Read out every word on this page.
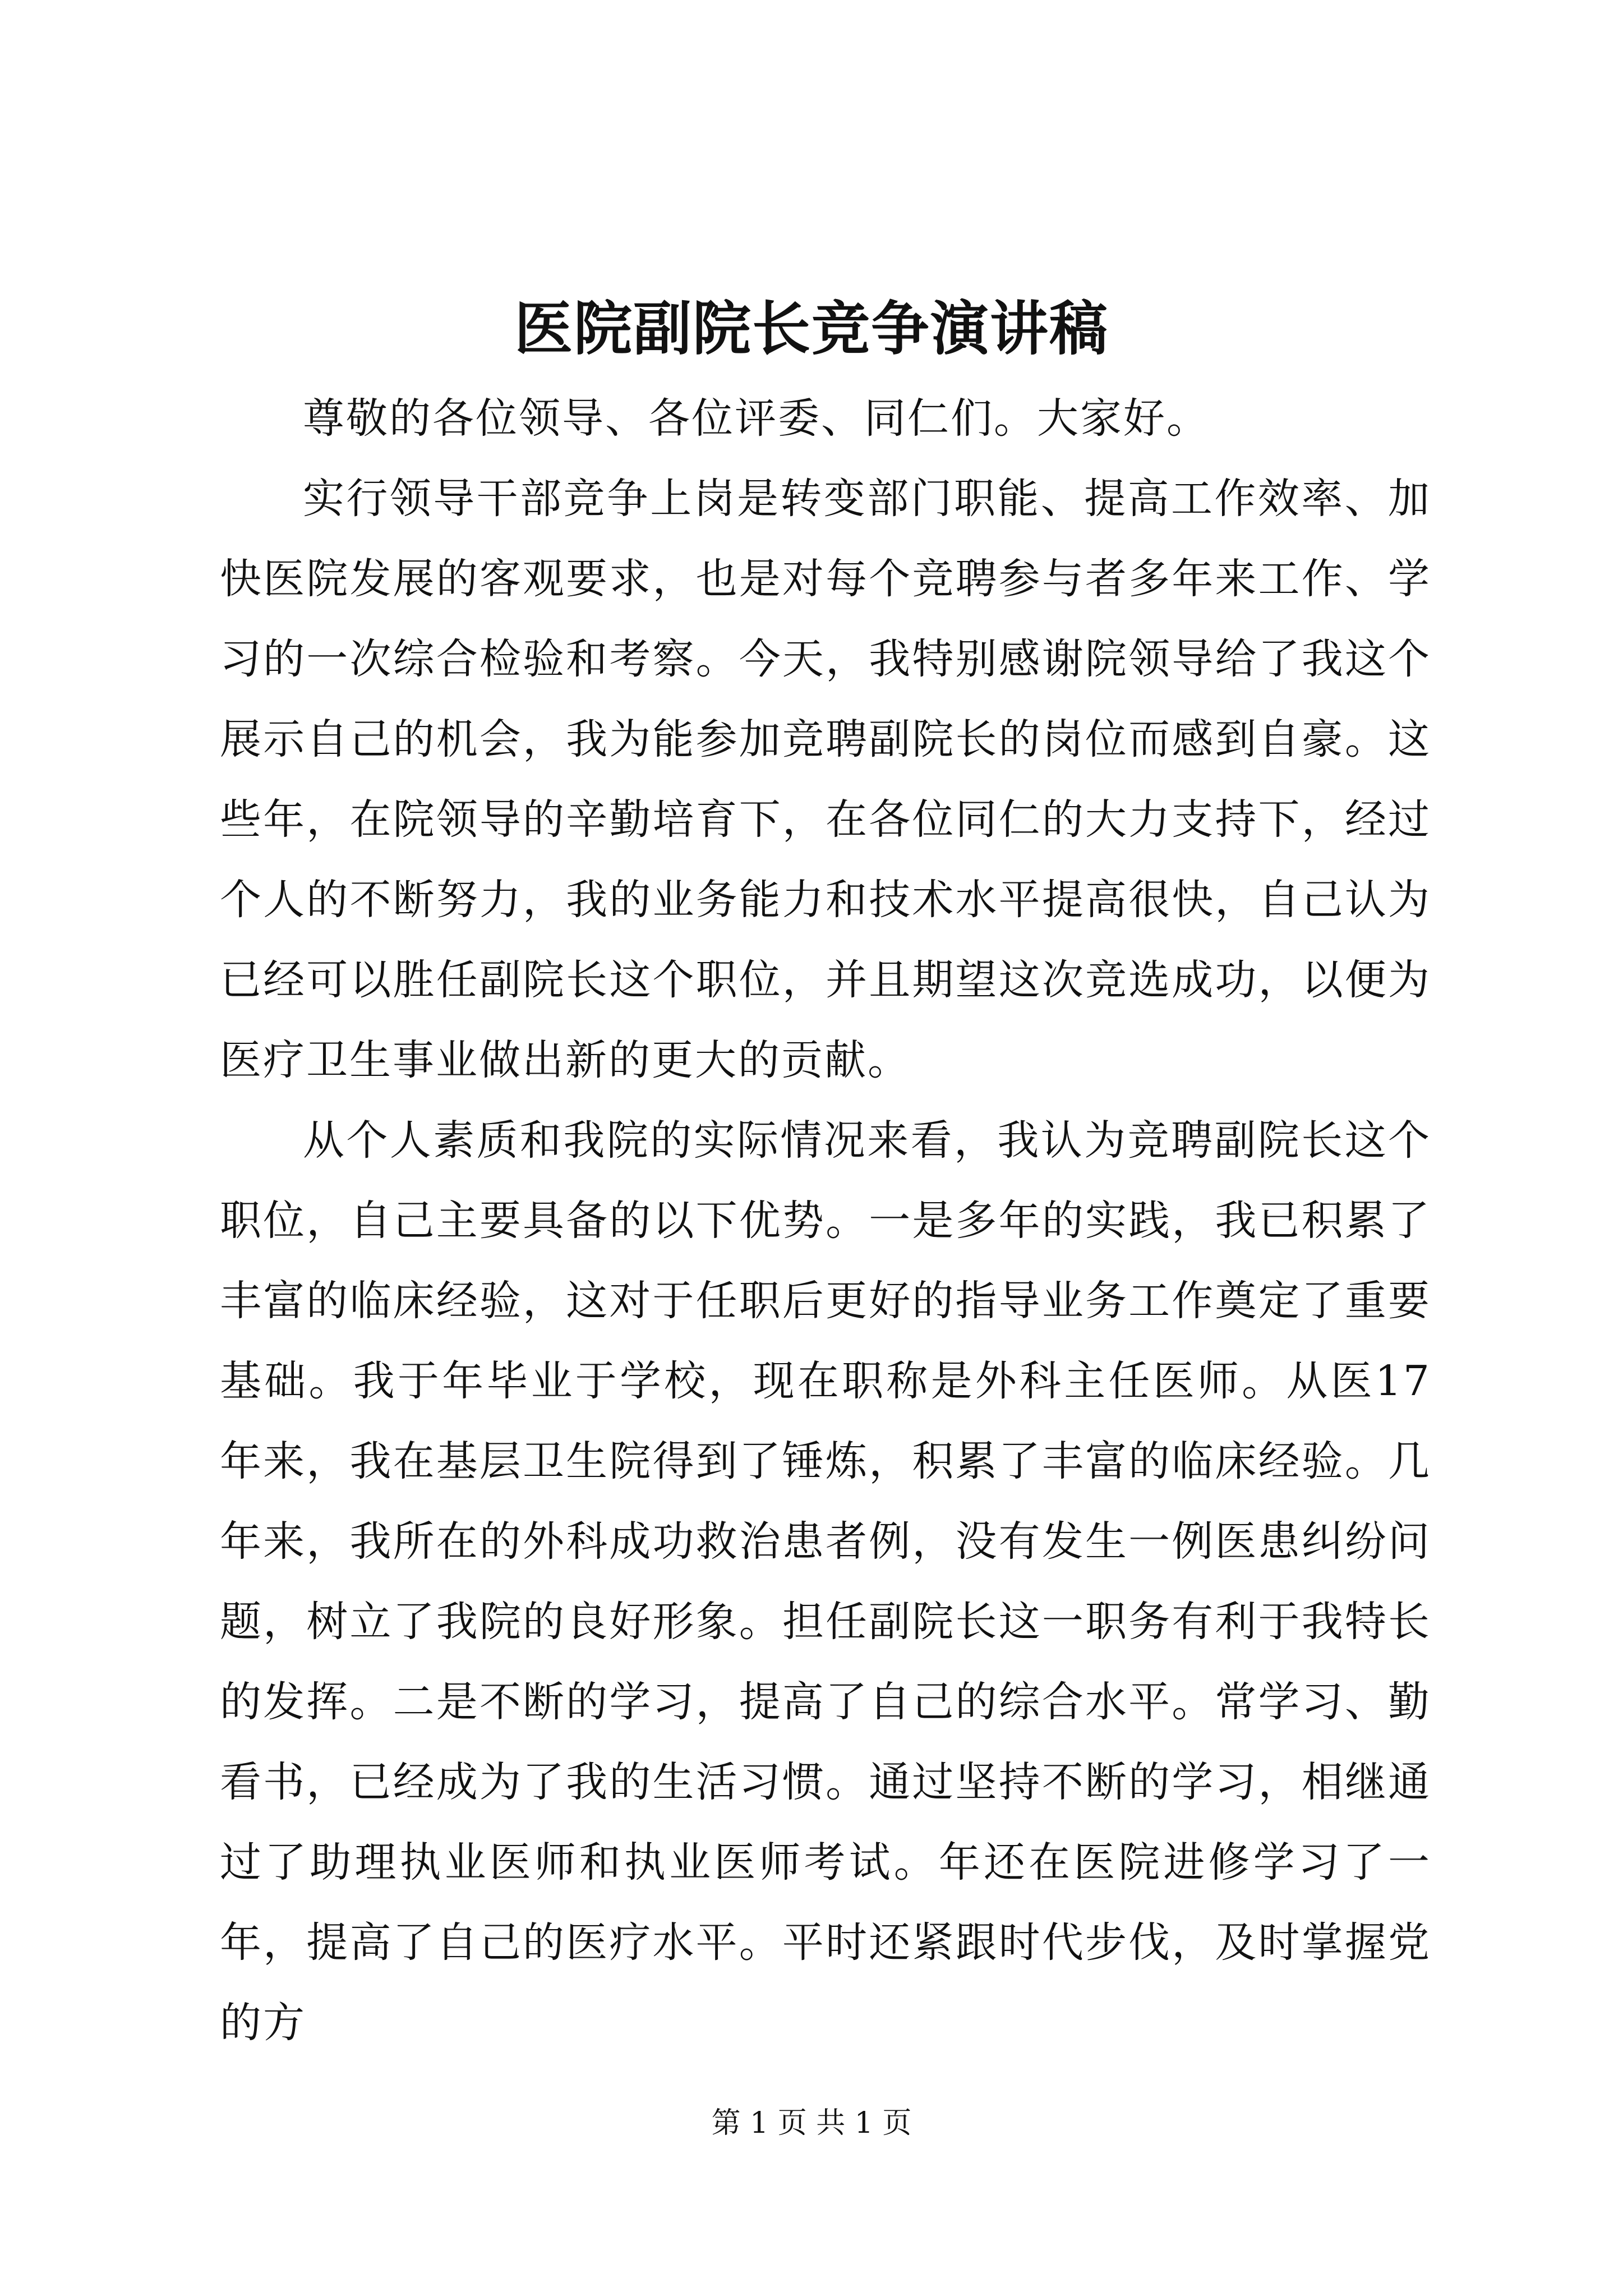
医院副院长竞争演讲稿

尊敬的各位领导、各位评委、同仁们。大家好。

实行领导干部竞争上岗是转变部门职能、提高工作效率、加快医院发展的客观要求，也是对每个竞聘参与者多年来工作、学习的一次综合检验和考察。今天，我特别感谢院领导给了我这个展示自己的机会，我为能参加竞聘副院长的岗位而感到自豪。这些年，在院领导的辛勤培育下，在各位同仁的大力支持下，经过个人的不断努力，我的业务能力和技术水平提高很快，自己认为已经可以胜任副院长这个职位，并且期望这次竞选成功，以便为医疗卫生事业做出新的更大的贡献。

从个人素质和我院的实际情况来看，我认为竞聘副院长这个职位，自己主要具备的以下优势。一是多年的实践，我已积累了丰富的临床经验，这对于任职后更好的指导业务工作奠定了重要基础。我于年毕业于学校，现在职称是外科主任医师。从医17年来，我在基层卫生院得到了锤炼，积累了丰富的临床经验。几年来，我所在的外科成功救治患者例，没有发生一例医患纠纷问题，树立了我院的良好形象。担任副院长这一职务有利于我特长的发挥。二是不断的学习，提高了自己的综合水平。常学习、勤看书，已经成为了我的生活习惯。通过坚持不断的学习，相继通过了助理执业医师和执业医师考试。年还在医院进修学习了一年，提高了自己的医疗水平。平时还紧跟时代步伐，及时掌握党的方

第 1 页 共 1 页
